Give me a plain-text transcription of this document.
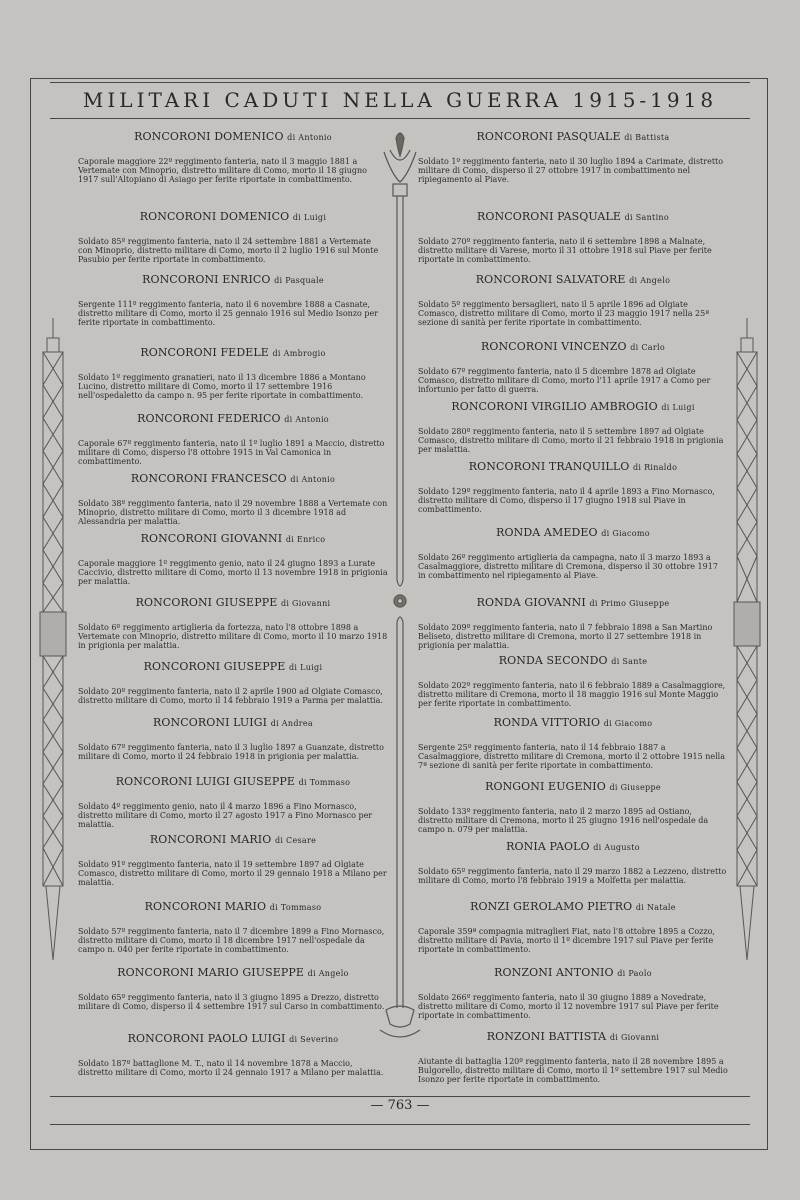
MILITARI CADUTI NELLA GUERRA 1915-1918
RONCORONI DOMENICO di Antonio
Caporale maggiore 22º reggimento fanteria, nato il 3 maggio 1881 a Vertemate con Minoprio, distretto militare di Como, morto il 18 giugno 1917 sull'Altopiano di Asiago per ferite riportate in combattimento.
RONCORONI DOMENICO di Luigi
Soldato 85º reggimento fanteria, nato il 24 settembre 1881 a Vertemate con Minoprio, distretto militare di Como, morto il 2 luglio 1916 sul Monte Pasubio per ferite riportate in combattimento.
RONCORONI ENRICO di Pasquale
Sergente 111º reggimento fanteria, nato il 6 novembre 1888 a Casnate, distretto militare di Como, morto il 25 gennaio 1916 sul Medio Isonzo per ferite riportate in combattimento.
RONCORONI FEDELE di Ambrogio
Soldato 1º reggimento granatieri, nato il 13 dicembre 1886 a Montano Lucino, distretto militare di Como, morto il 17 settembre 1916 nell'ospedaletto da campo n. 95 per ferite riportate in combattimento.
RONCORONI FEDERICO di Antonio
Caporale 67º reggimento fanteria, nato il 1º luglio 1891 a Maccio, distretto militare di Como, disperso l'8 ottobre 1915 in Val Camonica in combattimento.
RONCORONI FRANCESCO di Antonio
Soldato 38º reggimento fanteria, nato il 29 novembre 1888 a Vertemate con Minoprio, distretto militare di Como, morto il 3 dicembre 1918 ad Alessandria per malattia.
RONCORONI GIOVANNI di Enrico
Caporale maggiore 1º reggimento genio, nato il 24 giugno 1893 a Lurate Caccivio, distretto militare di Como, morto il 13 novembre 1918 in prigionia per malattia.
RONCORONI GIUSEPPE di Giovanni
Soldato 6º reggimento artiglieria da fortezza, nato l'8 ottobre 1898 a Vertemate con Minoprio, distretto militare di Como, morto il 10 marzo 1918 in prigionia per malattia.
RONCORONI GIUSEPPE di Luigi
Soldato 20º reggimento fanteria, nato il 2 aprile 1900 ad Olgiate Comasco, distretto militare di Como, morto il 14 febbraio 1919 a Parma per malattia.
RONCORONI LUIGI di Andrea
Soldato 67º reggimento fanteria, nato il 3 luglio 1897 a Guanzate, distretto militare di Como, morto il 24 febbraio 1918 in prigionia per malattia.
RONCORONI LUIGI GIUSEPPE di Tommaso
Soldato 4º reggimento genio, nato il 4 marzo 1896 a Fino Mornasco, distretto militare di Como, morto il 27 agosto 1917 a Fino Mornasco per malattia.
RONCORONI MARIO di Cesare
Soldato 91º reggimento fanteria, nato il 19 settembre 1897 ad Olgiate Comasco, distretto militare di Como, morto il 29 gennaio 1918 a Milano per malattia.
RONCORONI MARIO di Tommaso
Soldato 57º reggimento fanteria, nato il 7 dicembre 1899 a Fino Mornasco, distretto militare di Como, morto il 18 dicembre 1917 nell'ospedale da campo n. 040 per ferite riportate in combattimento.
RONCORONI MARIO GIUSEPPE di Angelo
Soldato 65º reggimento fanteria, nato il 3 giugno 1895 a Drezzo, distretto militare di Como, disperso il 4 settembre 1917 sul Carso in combattimento.
RONCORONI PAOLO LUIGI di Severino
Soldato 187º battaglione M. T., nato il 14 novembre 1878 a Maccio, distretto militare di Como, morto il 24 gennaio 1917 a Milano per malattia.
RONCORONI PASQUALE di Battista
Soldato 1º reggimento fanteria, nato il 30 luglio 1894 a Carimate, distretto militare di Como, disperso il 27 ottobre 1917 in combattimento nel ripiegamento al Piave.
RONCORONI PASQUALE di Santino
Soldato 270º reggimento fanteria, nato il 6 settembre 1898 a Malnate, distretto militare di Varese, morto il 31 ottobre 1918 sul Piave per ferite riportate in combattimento.
RONCORONI SALVATORE di Angelo
Soldato 5º reggimento bersaglieri, nato il 5 aprile 1896 ad Olgiate Comasco, distretto militare di Como, morto il 23 maggio 1917 nella 25ª sezione di sanità per ferite riportate in combattimento.
RONCORONI VINCENZO di Carlo
Soldato 67º reggimento fanteria, nato il 5 dicembre 1878 ad Olgiate Comasco, distretto militare di Como, morto l'11 aprile 1917 a Como per infortunio per fatto di guerra.
RONCORONI VIRGILIO AMBROGIO di Luigi
Soldato 280º reggimento fanteria, nato il 5 settembre 1897 ad Olgiate Comasco, distretto militare di Como, morto il 21 febbraio 1918 in prigionia per malattia.
RONCORONI TRANQUILLO di Rinaldo
Soldato 129º reggimento fanteria, nato il 4 aprile 1893 a Fino Mornasco, distretto militare di Como, disperso il 17 giugno 1918 sul Piave in combattimento.
RONDA AMEDEO di Giacomo
Soldato 26º reggimento artiglieria da campagna, nato il 3 marzo 1893 a Casalmaggiore, distretto militare di Cremona, disperso il 30 ottobre 1917 in combattimento nel ripiegamento al Piave.
RONDA GIOVANNI di Primo Giuseppe
Soldato 209º reggimento fanteria, nato il 7 febbraio 1898 a San Martino Beliseto, distretto militare di Cremona, morto il 27 settembre 1918 in prigionia per malattia.
RONDA SECONDO di Sante
Soldato 202º reggimento fanteria, nato il 6 febbraio 1889 a Casalmaggiore, distretto militare di Cremona, morto il 18 maggio 1916 sul Monte Maggio per ferite riportate in combattimento.
RONDA VITTORIO di Giacomo
Sergente 25º reggimento fanteria, nato il 14 febbraio 1887 a Casalmaggiore, distretto militare di Cremona, morto il 2 ottobre 1915 nella 7ª sezione di sanità per ferite riportate in combattimento.
RONGONI EUGENIO di Giuseppe
Soldato 133º reggimento fanteria, nato il 2 marzo 1895 ad Ostiano, distretto militare di Cremona, morto il 25 giugno 1916 nell'ospedale da campo n. 079 per malattia.
RONIA PAOLO di Augusto
Soldato 65º reggimento fanteria, nato il 29 marzo 1882 a Lezzeno, distretto militare di Como, morto l'8 febbraio 1919 a Molfetta per malattia.
RONZI GEROLAMO PIETRO di Natale
Caporale 359ª compagnia mitraglieri Fiat, nato l'8 ottobre 1895 a Cozzo, distretto militare di Pavia, morto il 1º dicembre 1917 sul Piave per ferite riportate in combattimento.
RONZONI ANTONIO di Paolo
Soldato 266º reggimento fanteria, nato il 30 giugno 1889 a Novedrate, distretto militare di Como, morto il 12 novembre 1917 sul Piave per ferite riportate in combattimento.
RONZONI BATTISTA di Giovanni
Aiutante di battaglia 120º reggimento fanteria, nato il 28 novembre 1895 a Bulgorello, distretto militare di Como, morto il 1º settembre 1917 sul Medio Isonzo per ferite riportate in combattimento.
— 763 —
